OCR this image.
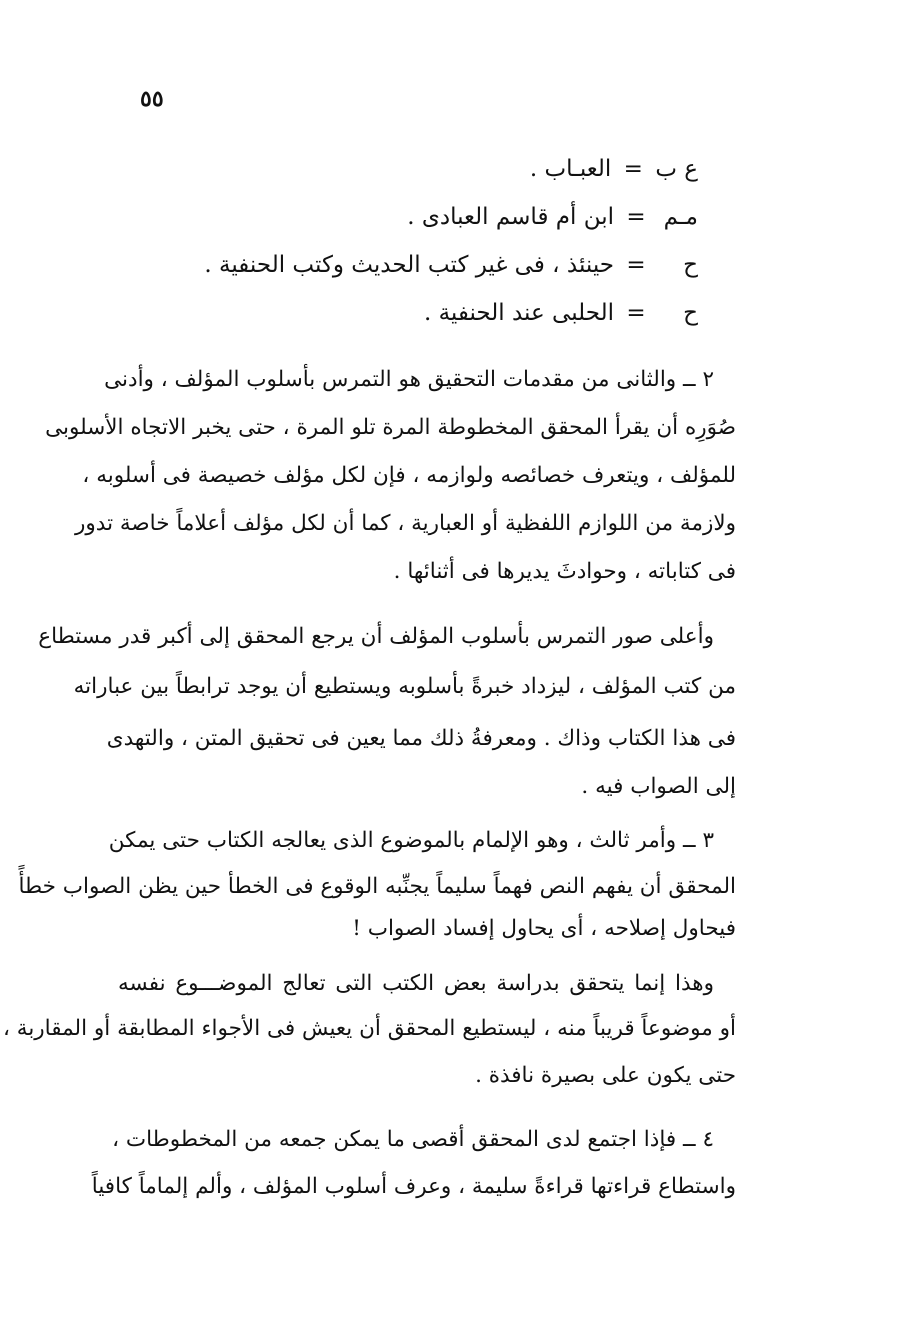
٥٥
ع ب
=
العبـاب .
مـم
=
ابن أم قاسم العبادى .
ح
=
حينئذ ، فى غير كتب الحديث وكتب الحنفية .
ح
=
الحلبى عند الحنفية .
٢ ــ والثانى من مقدمات التحقيق هو التمرس بأسلوب المؤلف ، وأدنى
صُوَرِه أن يقرأ المحقق المخطوطة المرة تلو المرة ، حتى يخبر الاتجاه الأسلوبى
للمؤلف ، ويتعرف خصائصه ولوازمه ، فإن لكل مؤلف خصيصة فى أسلوبه ،
ولازمة من اللوازم اللفظية أو العبارية ، كما أن لكل مؤلف أعلاماً خاصة تدور
فى كتاباته ، وحوادثَ يديرها فى أثنائها .
وأعلى صور التمرس بأسلوب المؤلف أن يرجع المحقق إلى أكبر قدر مستطاع
من كتب المؤلف ، ليزداد خبرةً بأسلوبه ويستطيع أن يوجد ترابطاً بين عباراته
فى هذا الكتاب وذاك . ومعرفةُ ذلك مما يعين فى تحقيق المتن ، والتهدى
إلى الصواب فيه .
٣ ــ وأمر ثالث ، وهو الإلمام بالموضوع الذى يعالجه الكتاب حتى يمكن
المحقق أن يفهم النص فهماً سليماً يجنِّبه الوقوع فى الخطأ حين يظن الصواب خطأً
فيحاول إصلاحه ، أى يحاول إفساد الصواب !
وهذا إنما يتحقق بدراسة بعض الكتب التى تعالج الموضـــوع نفسه
أو موضوعاً قريباً منه ، ليستطيع المحقق أن يعيش فى الأجواء المطابقة أو المقاربة ،
حتى يكون على بصيرة نافذة .
٤ ــ فإذا اجتمع لدى المحقق أقصى ما يمكن جمعه من المخطوطات ،
واستطاع قراءتها قراءةً سليمة ، وعرف أسلوب المؤلف ، وألم إلماماً كافياً
